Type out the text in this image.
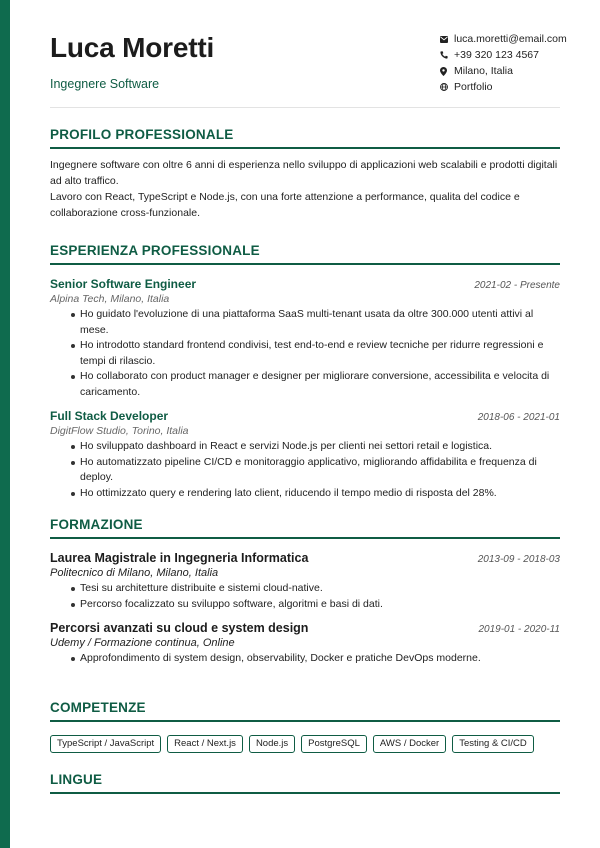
Luca Moretti
Ingegnere Software
luca.moretti@email.com
+39 320 123 4567
Milano, Italia
Portfolio
PROFILO PROFESSIONALE
Ingegnere software con oltre 6 anni di esperienza nello sviluppo di applicazioni web scalabili e prodotti digitali ad alto traffico.
Lavoro con React, TypeScript e Node.js, con una forte attenzione a performance, qualita del codice e collaborazione cross-funzionale.
ESPERIENZA PROFESSIONALE
Senior Software Engineer	2021-02 - Presente
Alpina Tech, Milano, Italia
Ho guidato l'evoluzione di una piattaforma SaaS multi-tenant usata da oltre 300.000 utenti attivi al mese.
Ho introdotto standard frontend condivisi, test end-to-end e review tecniche per ridurre regressioni e tempi di rilascio.
Ho collaborato con product manager e designer per migliorare conversione, accessibilita e velocita di caricamento.
Full Stack Developer	2018-06 - 2021-01
DigitFlow Studio, Torino, Italia
Ho sviluppato dashboard in React e servizi Node.js per clienti nei settori retail e logistica.
Ho automatizzato pipeline CI/CD e monitoraggio applicativo, migliorando affidabilita e frequenza di deploy.
Ho ottimizzato query e rendering lato client, riducendo il tempo medio di risposta del 28%.
FORMAZIONE
Laurea Magistrale in Ingegneria Informatica	2013-09 - 2018-03
Politecnico di Milano, Milano, Italia
Tesi su architetture distribuite e sistemi cloud-native.
Percorso focalizzato su sviluppo software, algoritmi e basi di dati.
Percorsi avanzati su cloud e system design	2019-01 - 2020-11
Udemy / Formazione continua, Online
Approfondimento di system design, observability, Docker e pratiche DevOps moderne.
COMPETENZE
TypeScript / JavaScript	React / Next.js	Node.js	PostgreSQL	AWS / Docker	Testing & CI/CD
LINGUE
